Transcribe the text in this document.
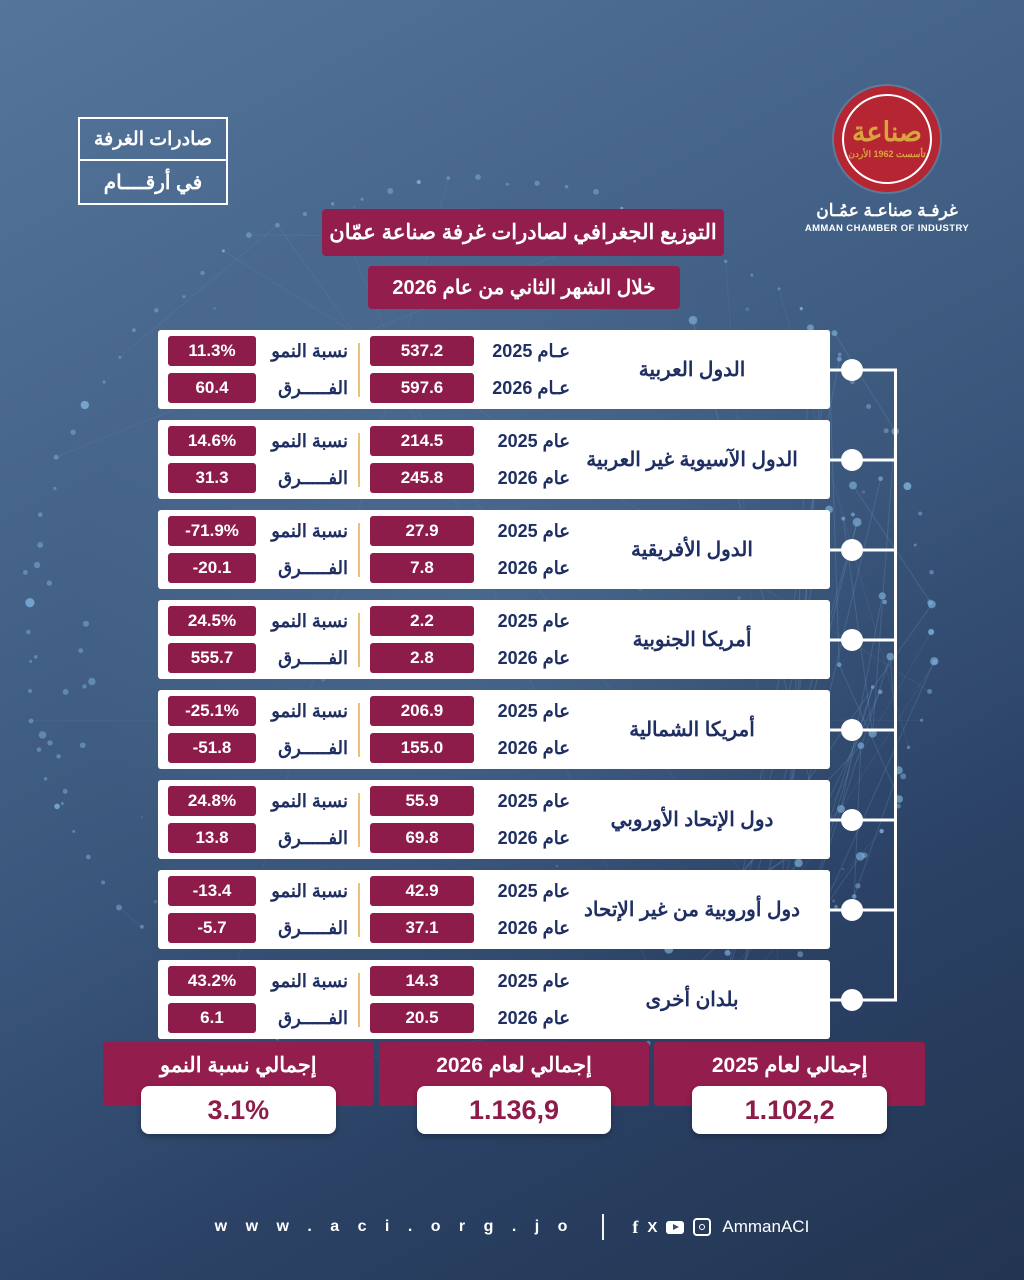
صادرات الغرفة
في أرقــــام
صناعة
تأسست 1962 الأردن
غرفـة صناعـة عمُـان
AMMAN CHAMBER OF INDUSTRY
التوزيع الجغرافي لصادرات غرفة صناعة عمّان
خلال الشهر الثاني من عام 2026
الدول العربية
عـام 2025
537.2
عـام 2026
597.6
نسبة النمو
11.3%
الفـــــرق
60.4
الدول الآسيوية غير العربية
عام 2025
214.5
عام 2026
245.8
نسبة النمو
14.6%
الفـــــرق
31.3
الدول الأفريقية
عام 2025
27.9
عام 2026
7.8
نسبة النمو
-71.9%
الفـــــرق
-20.1
أمريكا الجنوبية
عام 2025
2.2
عام 2026
2.8
نسبة النمو
24.5%
الفـــــرق
555.7
أمريكا الشمالية
عام 2025
206.9
عام 2026
155.0
نسبة النمو
-25.1%
الفـــــرق
-51.8
دول الإتحاد الأوروبي
عام 2025
55.9
عام 2026
69.8
نسبة النمو
24.8%
الفـــــرق
13.8
دول أوروبية من غير الإتحاد
عام 2025
42.9
عام 2026
37.1
نسبة النمو
-13.4
الفـــــرق
-5.7
بلدان أخرى
عام 2025
14.3
عام 2026
20.5
نسبة النمو
43.2%
الفـــــرق
6.1
إجمالي لعام 2025
1.102,2
إجمالي لعام 2026
1.136,9
إجمالي نسبة النمو
3.1%
w w w . a c i . o r g . j o	f X	AmmanACI
